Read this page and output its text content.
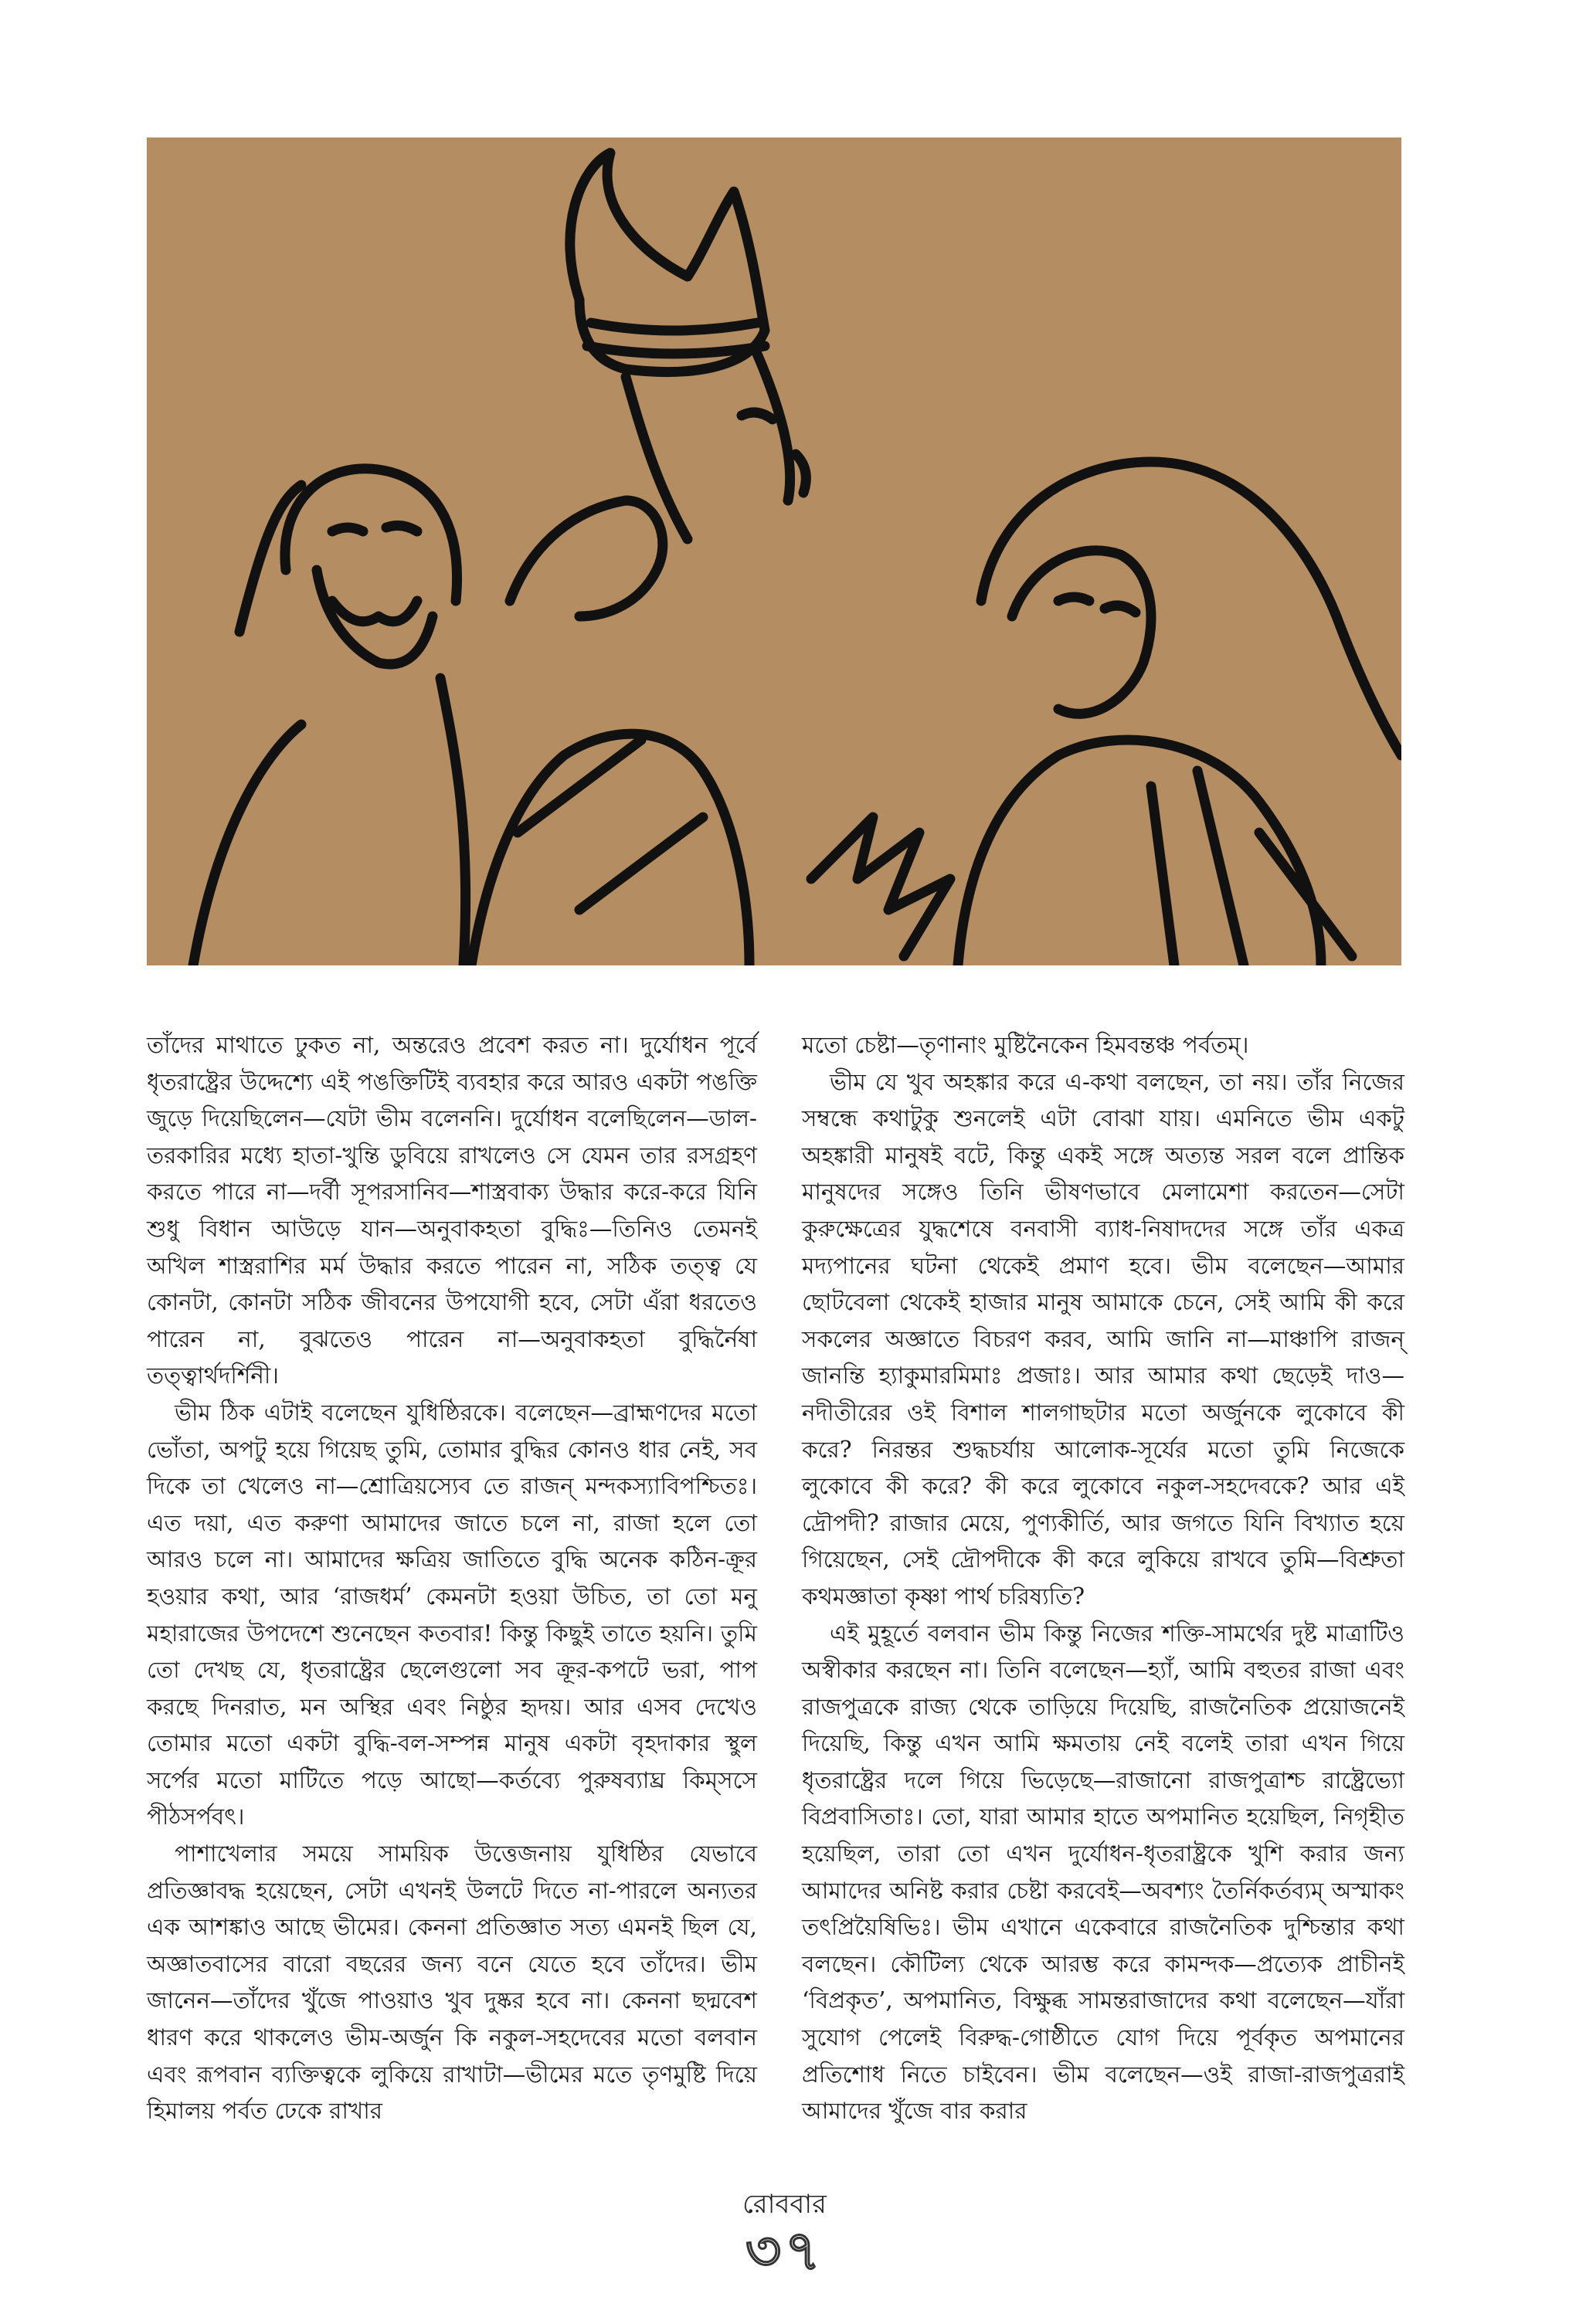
তাঁদের মাথাতে ঢুকত না, অন্তরেও প্রবেশ করত না। দুর্যোধন পূর্বে ধৃতরাষ্ট্রের উদ্দেশ্যে এই পঙক্তিটিই ব্যবহার করে আরও একটা পঙক্তি জুড়ে দিয়েছিলেন—যেটা ভীম বলেননি। দুর্যোধন বলেছিলেন—ডাল-তরকারির মধ্যে হাতা-খুন্তি ডুবিয়ে রাখলেও সে যেমন তার রসগ্রহণ করতে পারে না—দর্বী সূপরসানিব—শাস্ত্রবাক্য উদ্ধার করে-করে যিনি শুধু বিধান আউড়ে যান—অনুবাকহতা বুদ্ধিঃ—তিনিও তেমনই অখিল শাস্ত্ররাশির মর্ম উদ্ধার করতে পারেন না, সঠিক তত্ত্ব যে কোনটা, কোনটা সঠিক জীবনের উপযোগী হবে, সেটা এঁরা ধরতেও পারেন না, বুঝতেও পারেন না—অনুবাকহতা বুদ্ধির্নৈষা তত্ত্বার্থদর্শিনী।

ভীম ঠিক এটাই বলেছেন যুধিষ্ঠিরকে। বলেছেন—ব্রাহ্মণদের মতো ভোঁতা, অপটু হয়ে গিয়েছ তুমি, তোমার বুদ্ধির কোনও ধার নেই, সব দিকে তা খেলেও না—শ্রোত্রিয়স্যেব তে রাজন্ মন্দকস্যাবিপশ্চিতঃ। এত দয়া, এত করুণা আমাদের জাতে চলে না, রাজা হলে তো আরও চলে না। আমাদের ক্ষত্রিয় জাতিতে বুদ্ধি অনেক কঠিন-ক্রূর হওয়ার কথা, আর ‘রাজধর্ম’ কেমনটা হওয়া উচিত, তা তো মনু মহারাজের উপদেশে শুনেছেন কতবার! কিন্তু কিছুই তাতে হয়নি। তুমি তো দেখছ যে, ধৃতরাষ্ট্রের ছেলেগুলো সব ক্রূর-কপটে ভরা, পাপ করছে দিনরাত, মন অস্থির এবং নিষ্ঠুর হৃদয়। আর এসব দেখেও তোমার মতো একটা বুদ্ধি-বল-সম্পন্ন মানুষ একটা বৃহদাকার স্থুল সর্পের মতো মাটিতে পড়ে আছো—কর্তব্যে পুরুষব্যাঘ্র কিম্‌সসে পীঠসর্পবৎ।

পাশাখেলার সময়ে সাময়িক উত্তেজনায় যুধিষ্ঠির যেভাবে প্রতিজ্ঞাবদ্ধ হয়েছেন, সেটা এখনই উলটে দিতে না-পারলে অন্যতর এক আশঙ্কাও আছে ভীমের। কেননা প্রতিজ্ঞাত সত্য এমনই ছিল যে, অজ্ঞাতবাসের বারো বছরের জন্য বনে যেতে হবে তাঁদের। ভীম জানেন—তাঁদের খুঁজে পাওয়াও খুব দুষ্কর হবে না। কেননা ছদ্মবেশ ধারণ করে থাকলেও ভীম-অর্জুন কি নকুল-সহদেবের মতো বলবান এবং রূপবান ব্যক্তিত্বকে লুকিয়ে রাখাটা—ভীমের মতে তৃণমুষ্টি দিয়ে হিমালয় পর্বত ঢেকে রাখার

মতো চেষ্টা—তৃণানাং মুষ্টিনৈকেন হিমবন্তঞ্চ পর্বতম্।

ভীম যে খুব অহঙ্কার করে এ-কথা বলছেন, তা নয়। তাঁর নিজের সম্বন্ধে কথাটুকু শুনলেই এটা বোঝা যায়। এমনিতে ভীম একটু অহঙ্কারী মানুষই বটে, কিন্তু একই সঙ্গে অত্যন্ত সরল বলে প্রান্তিক মানুষদের সঙ্গেও তিনি ভীষণভাবে মেলামেশা করতেন—সেটা কুরুক্ষেত্রের যুদ্ধশেষে বনবাসী ব্যাধ-নিষাদদের সঙ্গে তাঁর একত্র মদ্যপানের ঘটনা থেকেই প্রমাণ হবে। ভীম বলেছেন—আমার ছোটবেলা থেকেই হাজার মানুষ আমাকে চেনে, সেই আমি কী করে সকলের অজ্ঞাতে বিচরণ করব, আমি জানি না—মাঞ্চাপি রাজন্ জানন্তি হ্যাকুমারমিমাঃ প্রজাঃ। আর আমার কথা ছেড়েই দাও—নদীতীরের ওই বিশাল শালগাছটার মতো অর্জুনকে লুকোবে কী করে? নিরন্তর শুদ্ধচর্যায় আলোক-সূর্যের মতো তুমি নিজেকে লুকোবে কী করে? কী করে লুকোবে নকুল-সহদেবকে? আর এই দ্রৌপদী? রাজার মেয়ে, পুণ্যকীর্তি, আর জগতে যিনি বিখ্যাত হয়ে গিয়েছেন, সেই দ্রৌপদীকে কী করে লুকিয়ে রাখবে তুমি—বিশ্রুতা কথমজ্ঞাতা কৃষ্ণা পার্থ চরিষ্যতি?

এই মুহূর্তে বলবান ভীম কিন্তু নিজের শক্তি-সামর্থের দুষ্ট মাত্রাটিও অস্বীকার করছেন না। তিনি বলেছেন—হ্যাঁ, আমি বহুতর রাজা এবং রাজপুত্রকে রাজ্য থেকে তাড়িয়ে দিয়েছি, রাজনৈতিক প্রয়োজনেই দিয়েছি, কিন্তু এখন আমি ক্ষমতায় নেই বলেই তারা এখন গিয়ে ধৃতরাষ্ট্রের দলে গিয়ে ভিড়েছে—রাজানো রাজপুত্রাশ্চ রাষ্ট্রেভ্যো বিপ্রবাসিতাঃ। তো, যারা আমার হাতে অপমানিত হয়েছিল, নিগৃহীত হয়েছিল, তারা তো এখন দুর্যোধন-ধৃতরাষ্ট্রকে খুশি করার জন্য আমাদের অনিষ্ট করার চেষ্টা করবেই—অবশ্যং তৈর্নিকর্তব্যম্ অস্মাকং তৎপ্রিয়ৈষিভিঃ। ভীম এখানে একেবারে রাজনৈতিক দুশ্চিন্তার কথা বলছেন। কৌটিল্য থেকে আরম্ভ করে কামন্দক—প্রত্যেক প্রাচীনই ‘বিপ্রকৃত’, অপমানিত, বিক্ষুব্ধ সামন্তরাজাদের কথা বলেছেন—যাঁরা সুযোগ পেলেই বিরুদ্ধ-গোষ্ঠীতে যোগ দিয়ে পূর্বকৃত অপমানের প্রতিশোধ নিতে চাইবেন। ভীম বলেছেন—ওই রাজা-রাজপুত্ররাই আমাদের খুঁজে বার করার

রোববার
৩৭
